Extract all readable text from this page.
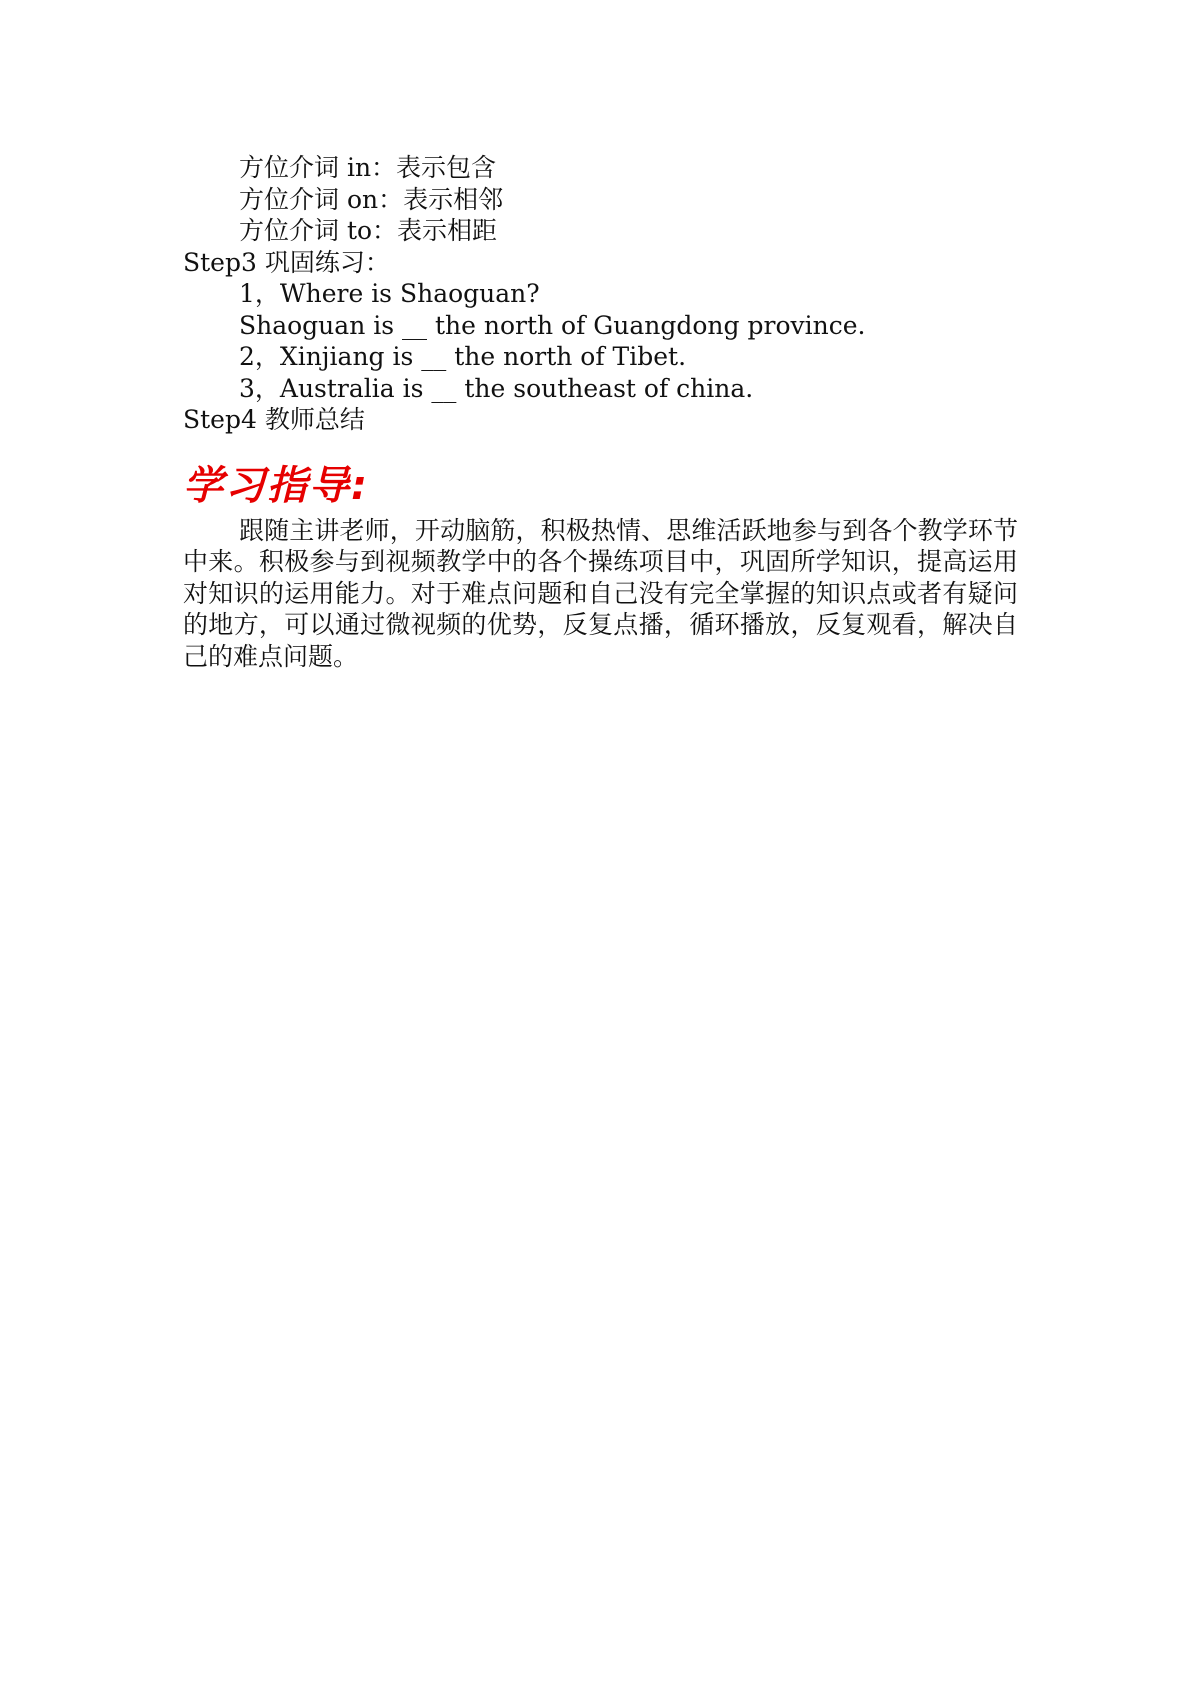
方位介词 in：表示包含
方位介词 on：表示相邻
方位介词 to：表示相距
Step3 巩固练习：
1，Where is Shaoguan?
Shaoguan is __ the north of Guangdong province.
2，Xinjiang is __ the north of Tibet.
3，Australia is __ the southeast of china.
Step4 教师总结
学习指导:
跟随主讲老师，开动脑筋，积极热情、思维活跃地参与到各个教学环节中来。积极参与到视频教学中的各个操练项目中，巩固所学知识，提高运用对知识的运用能力。对于难点问题和自己没有完全掌握的知识点或者有疑问的地方，可以通过微视频的优势，反复点播，循环播放，反复观看，解决自己的难点问题。
